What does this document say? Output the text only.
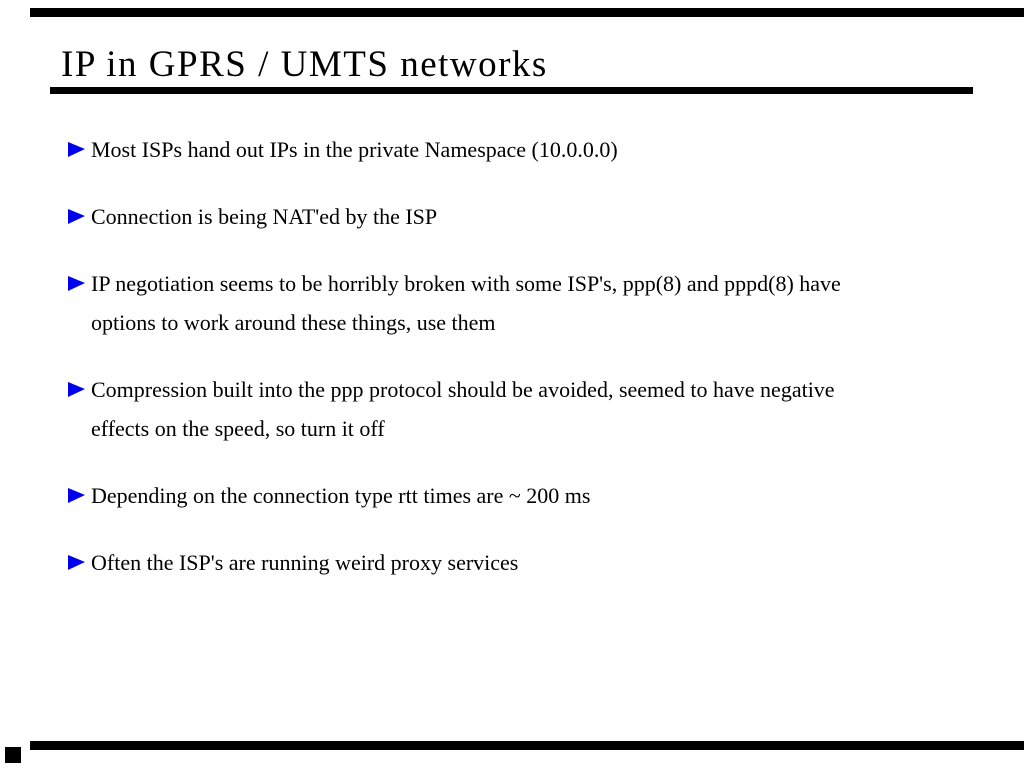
IP in GPRS / UMTS networks
Most ISPs hand out IPs in the private Namespace (10.0.0.0)
Connection is being NAT'ed by the ISP
IP negotiation seems to be horribly broken with some ISP's, ppp(8) and pppd(8) have
options to work around these things, use them
Compression built into the ppp protocol should be avoided, seemed to have negative
effects on the speed, so turn it off
Depending on the connection type rtt times are ~ 200 ms
Often the ISP's are running weird proxy services
